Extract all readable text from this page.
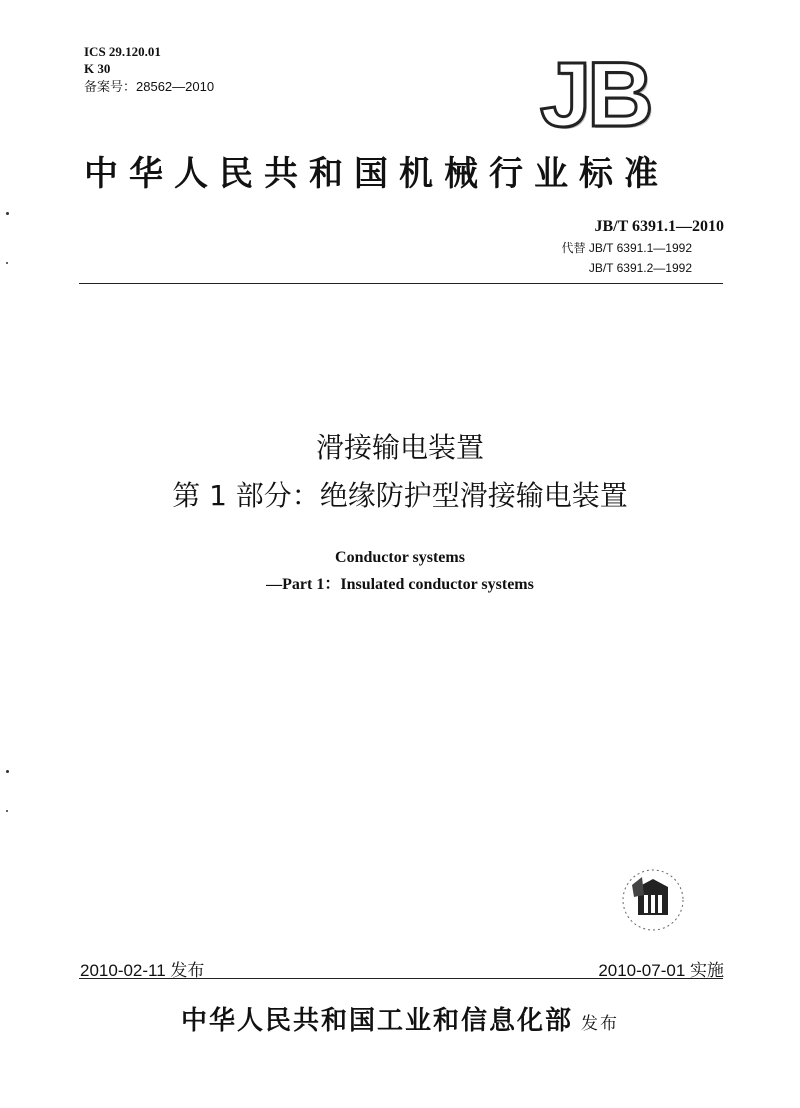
ICS 29.120.01
K 30
备案号：28562—2010	JB
中华人民共和国机械行业标准
JB/T 6391.1—2010
代替 JB/T 6391.1—1992
JB/T 6391.2—1992
滑接输电装置
第 1 部分：绝缘防护型滑接输电装置
Conductor systems
—Part 1：Insulated conductor systems
2010-02-11 发布	2010-07-01 实施
中华人民共和国工业和信息化部 发布
